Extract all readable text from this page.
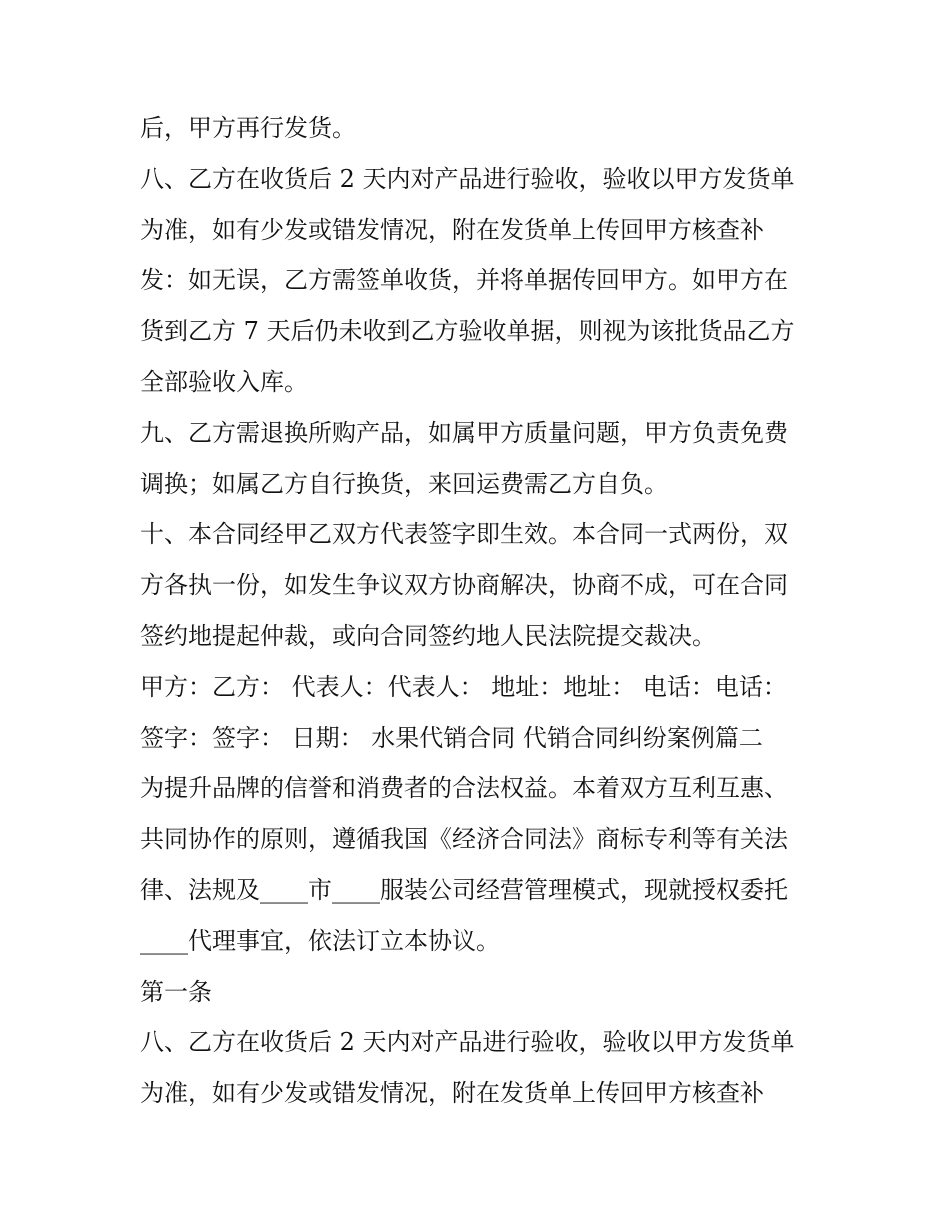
后，甲方再行发货。
八、乙方在收货后 2 天内对产品进行验收，验收以甲方发货单
为准，如有少发或错发情况，附在发货单上传回甲方核查补
发：如无误，乙方需签单收货，并将单据传回甲方。如甲方在
货到乙方 7 天后仍未收到乙方验收单据，则视为该批货品乙方
全部验收入库。
九、乙方需退换所购产品，如属甲方质量问题，甲方负责免费
调换；如属乙方自行换货，来回运费需乙方自负。
十、本合同经甲乙双方代表签字即生效。本合同一式两份，双
方各执一份，如发生争议双方协商解决，协商不成，可在合同
签约地提起仲裁，或向合同签约地人民法院提交裁决。
甲方：乙方： 代表人：代表人： 地址：地址： 电话：电话：
签字：签字： 日期： 水果代销合同 代销合同纠纷案例篇二
为提升品牌的信誉和消费者的合法权益。本着双方互利互惠、
共同协作的原则，遵循我国《经济合同法》商标专利等有关法
律、法规及____市____服装公司经营管理模式，现就授权委托
____代理事宜，依法订立本协议。
第一条
八、乙方在收货后 2 天内对产品进行验收，验收以甲方发货单
为准，如有少发或错发情况，附在发货单上传回甲方核查补
